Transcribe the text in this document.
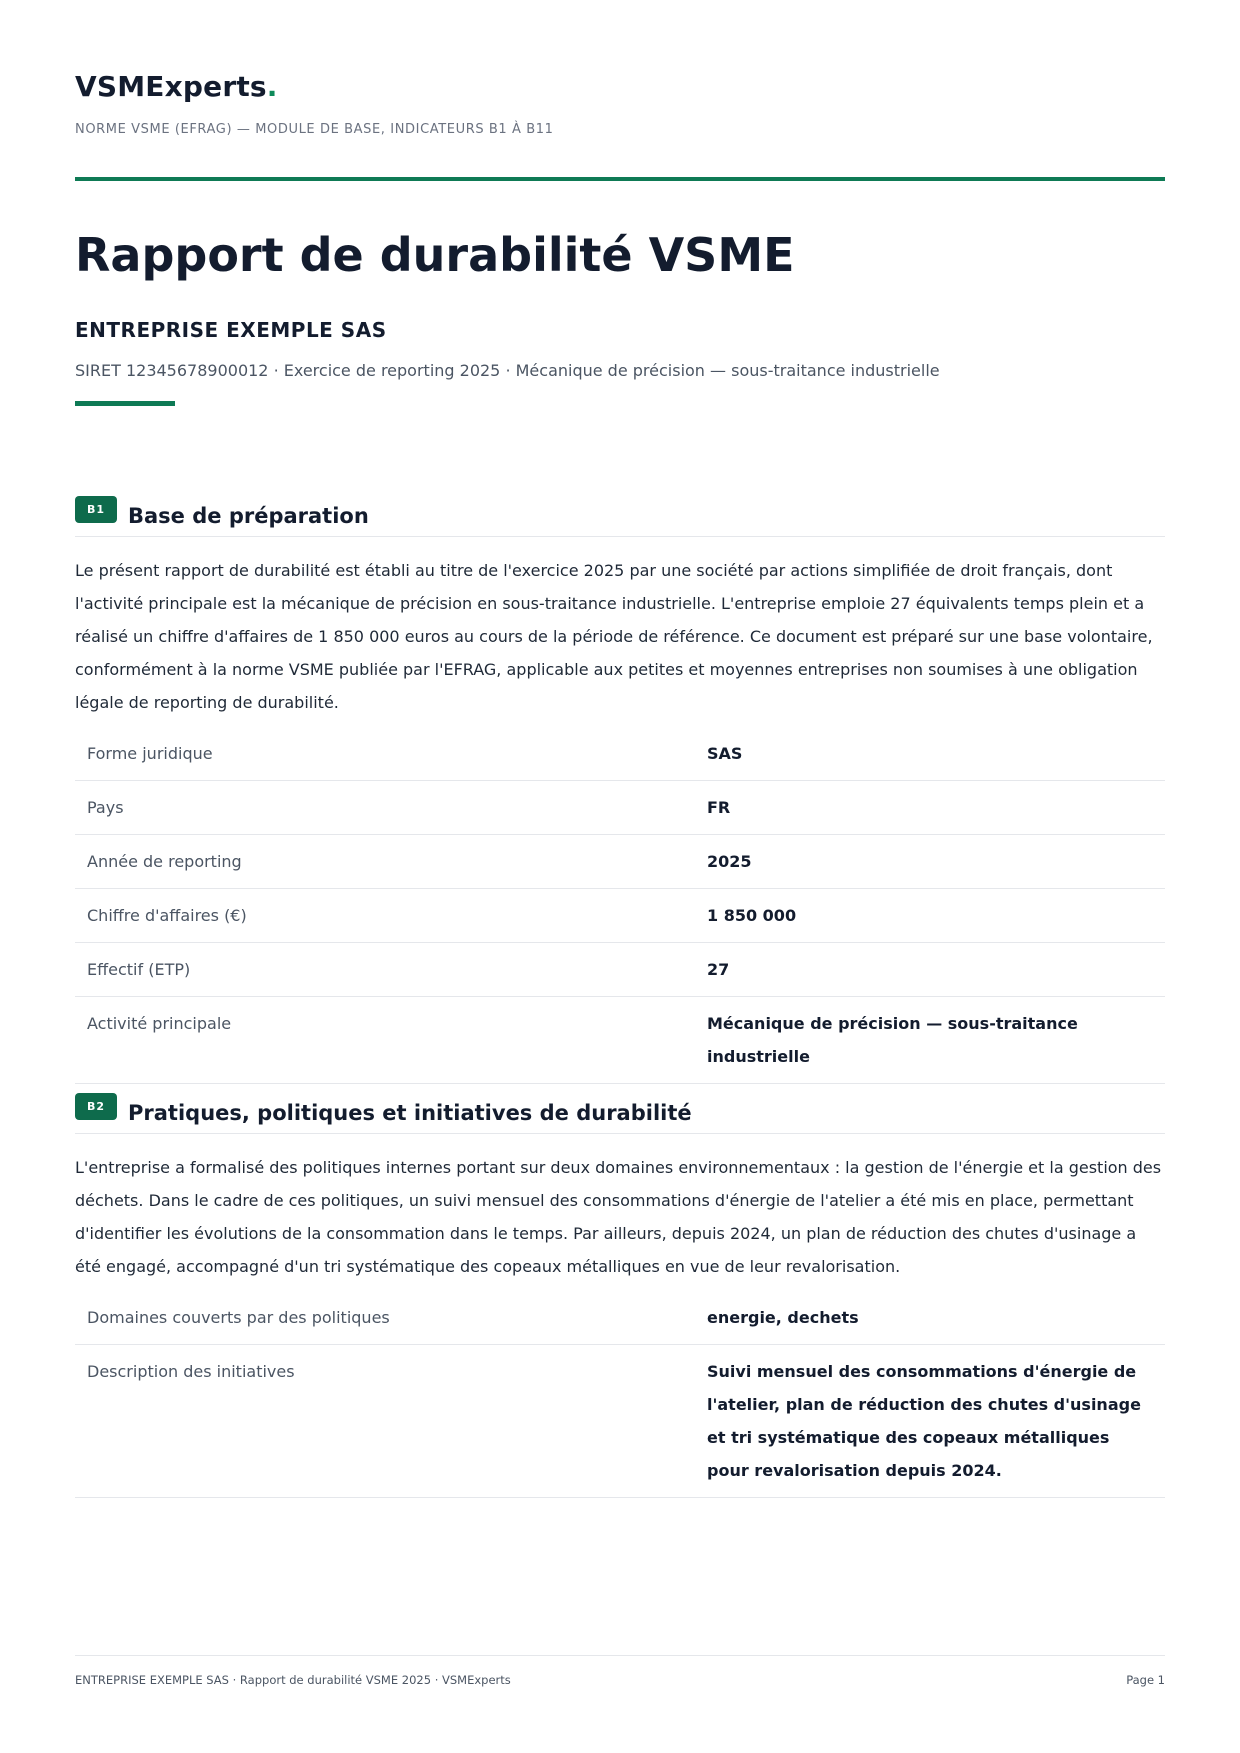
VSMExperts.
NORME VSME (EFRAG) — MODULE DE BASE, INDICATEURS B1 À B11
Rapport de durabilité VSME
ENTREPRISE EXEMPLE SAS
SIRET 12345678900012 · Exercice de reporting 2025 · Mécanique de précision — sous-traitance industrielle
B1	Base de préparation

Le présent rapport de durabilité est établi au titre de l'exercice 2025 par une société par actions simplifiée de droit français, dont l'activité principale est la mécanique de précision en sous-traitance industrielle. L'entreprise emploie 27 équivalents temps plein et a réalisé un chiffre d'affaires de 1 850 000 euros au cours de la période de référence. Ce document est préparé sur une base volontaire, conformément à la norme VSME publiée par l'EFRAG, applicable aux petites et moyennes entreprises non soumises à une obligation légale de reporting de durabilité.

Forme juridique	SAS
Pays	FR
Année de reporting	2025
Chiffre d'affaires (€)	1 850 000
Effectif (ETP)	27
Activité principale	Mécanique de précision — sous-traitance industrielle
B2	Pratiques, politiques et initiatives de durabilité

L'entreprise a formalisé des politiques internes portant sur deux domaines environnementaux : la gestion de l'énergie et la gestion des déchets. Dans le cadre de ces politiques, un suivi mensuel des consommations d'énergie de l'atelier a été mis en place, permettant d'identifier les évolutions de la consommation dans le temps. Par ailleurs, depuis 2024, un plan de réduction des chutes d'usinage a été engagé, accompagné d'un tri systématique des copeaux métalliques en vue de leur revalorisation.

Domaines couverts par des politiques	energie, dechets
Description des initiatives	Suivi mensuel des consommations d'énergie de l'atelier, plan de réduction des chutes d'usinage et tri systématique des copeaux métalliques pour revalorisation depuis 2024.
ENTREPRISE EXEMPLE SAS · Rapport de durabilité VSME 2025 · VSMExperts	Page 1
